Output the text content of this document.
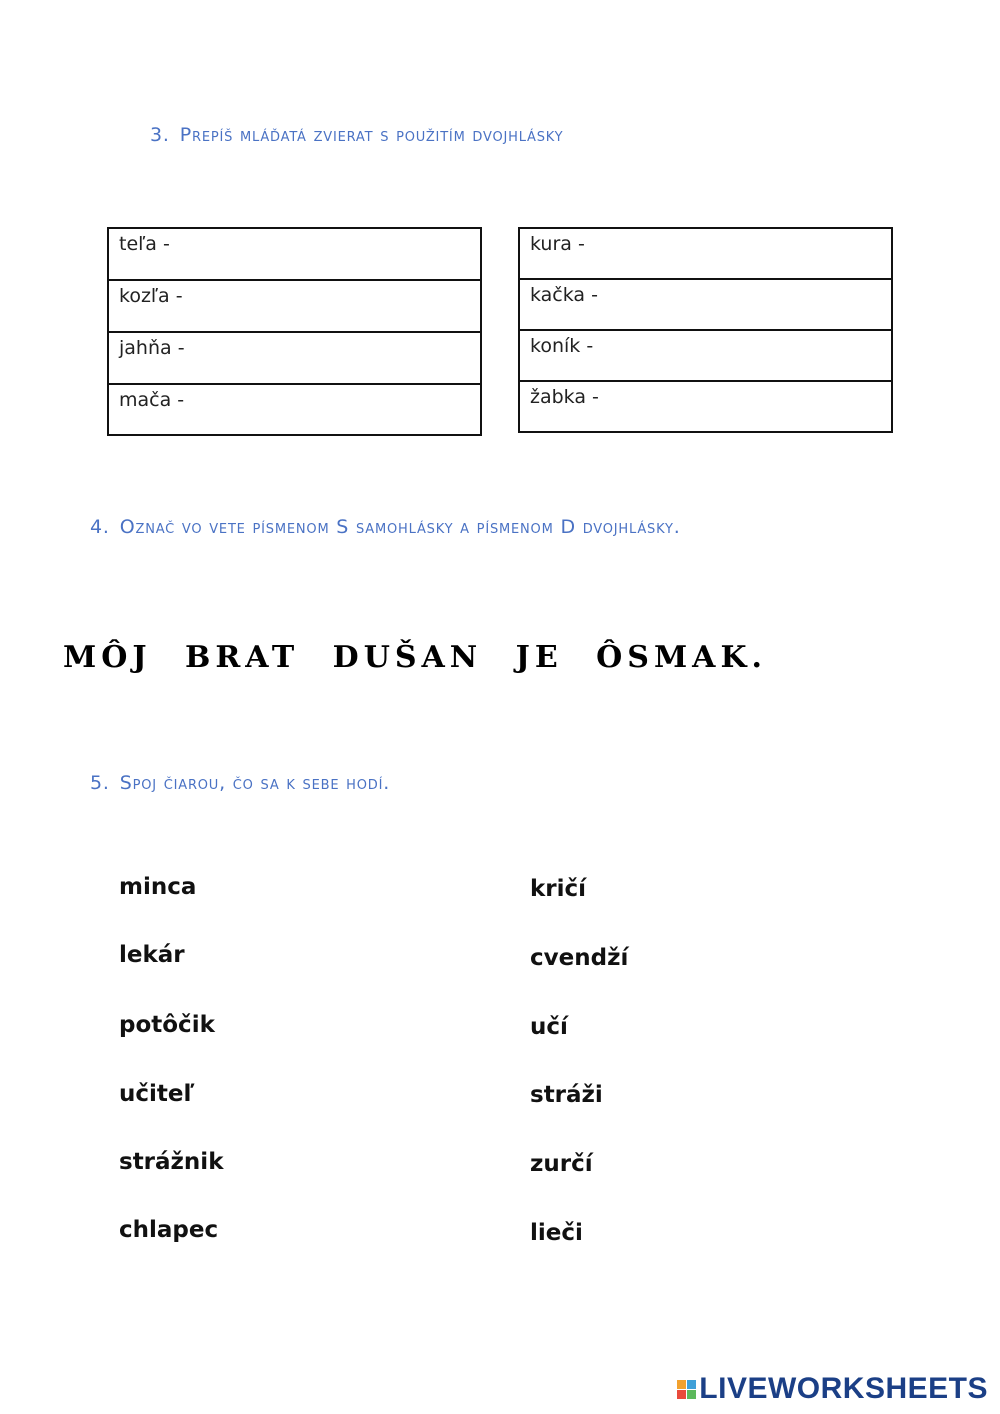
3. Prepíš mláďatá zvierat s použitím dvojhlásky
teľa -
kozľa -
jahňa -
mača -
kura -
kačka -
koník -
žabka -
4. Označ vo vete písmenom S samohlásky a písmenom D dvojhlásky.
MÔJ BRAT DUŠAN JE ÔSMAK.
5. Spoj čiarou, čo sa k sebe hodí.
minca
lekár
potôčik
učiteľ
strážnik
chlapec
kričí
cvendží
učí
stráži
zurčí
lieči
LIVEWORKSHEETS
